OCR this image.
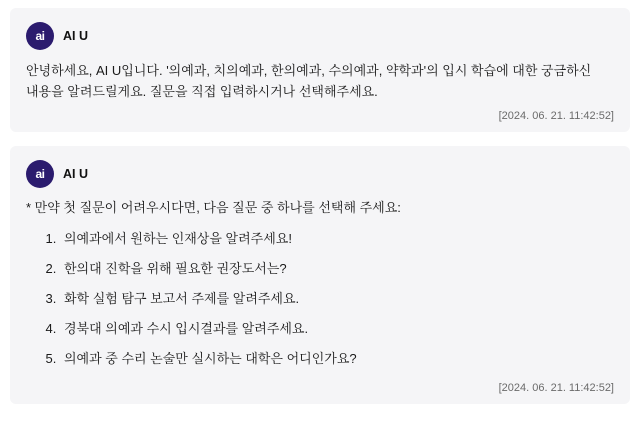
ai	AI U

안녕하세요, AI U입니다. '의예과, 치의예과, 한의예과, 수의예과, 약학과'의 입시 학습에 대한 궁금하신 내용을 알려드릴게요. 질문을 직접 입력하시거나 선택해주세요.

[2024. 06. 21. 11:42:52]
ai	AI U
* 만약 첫 질문이 어려우시다면, 다음 질문 중 하나를 선택해 주세요:
1. 의예과에서 원하는 인재상을 알려주세요!
2. 한의대 진학을 위해 필요한 권장도서는?
3. 화학 실험 탐구 보고서 주제를 알려주세요.
4. 경북대 의예과 수시 입시결과를 알려주세요.
5. 의예과 중 수리 논술만 실시하는 대학은 어디인가요?
[2024. 06. 21. 11:42:52]
